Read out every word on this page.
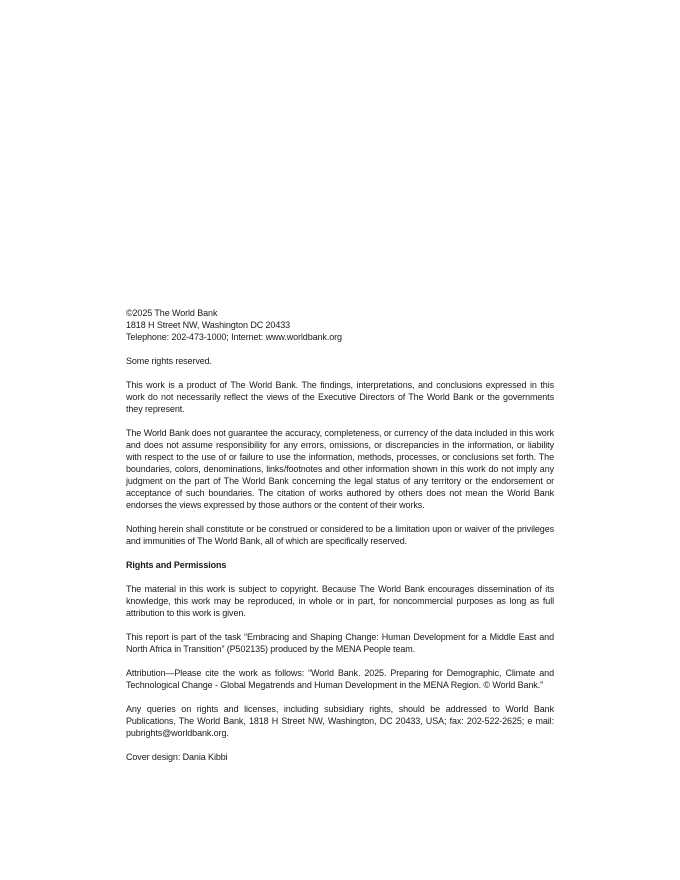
©2025 The World Bank
1818 H Street NW, Washington DC 20433
Telephone: 202-473-1000; Internet: www.worldbank.org
Some rights reserved.
This work is a product of The World Bank. The findings, interpretations, and conclusions expressed in this work do not necessarily reflect the views of the Executive Directors of The World Bank or the governments they represent.
The World Bank does not guarantee the accuracy, completeness, or currency of the data included in this work and does not assume responsibility for any errors, omissions, or discrepancies in the information, or liability with respect to the use of or failure to use the information, methods, processes, or conclusions set forth. The boundaries, colors, denominations, links/footnotes and other information shown in this work do not imply any judgment on the part of The World Bank concerning the legal status of any territory or the endorsement or acceptance of such boundaries. The citation of works authored by others does not mean the World Bank endorses the views expressed by those authors or the content of their works.
Nothing herein shall constitute or be construed or considered to be a limitation upon or waiver of the privileges and immunities of The World Bank, all of which are specifically reserved.
Rights and Permissions
The material in this work is subject to copyright. Because The World Bank encourages dissemination of its knowledge, this work may be reproduced, in whole or in part, for noncommercial purposes as long as full attribution to this work is given.
This report is part of the task “Embracing and Shaping Change: Human Development for a Middle East and North Africa in Transition” (P502135) produced by the MENA People team.
Attribution—Please cite the work as follows: “World Bank. 2025. Preparing for Demographic, Climate and Technological Change - Global Megatrends and Human Development in the MENA Region. © World Bank.”
Any queries on rights and licenses, including subsidiary rights, should be addressed to World Bank Publications, The World Bank, 1818 H Street NW, Washington, DC 20433, USA; fax: 202-522-2625; e mail: pubrights@worldbank.org.
Cover design: Dania Kibbi
